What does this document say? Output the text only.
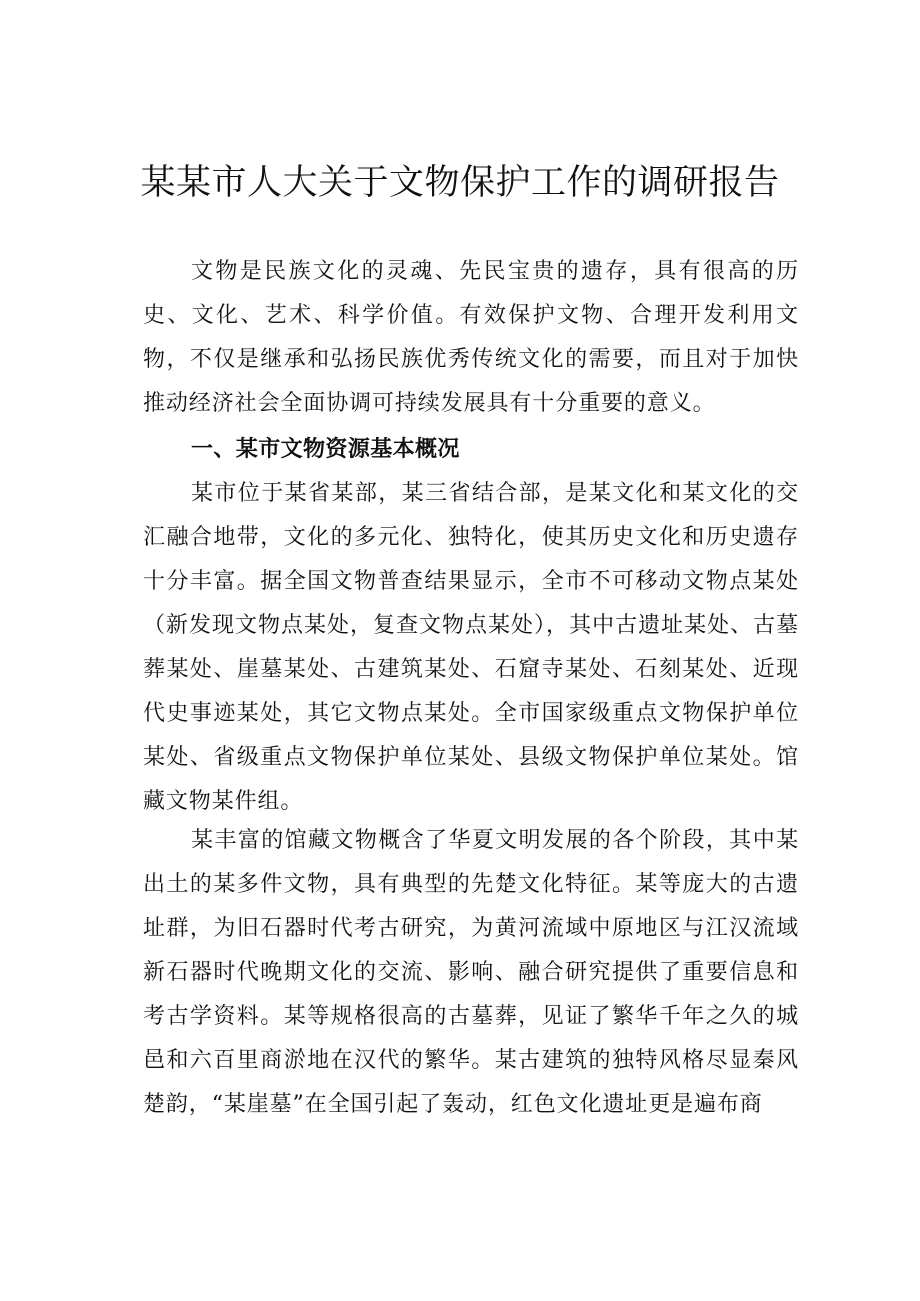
某某市人大关于文物保护工作的调研报告

文物是民族文化的灵魂、先民宝贵的遗存，具有很高的历史、文化、艺术、科学价值。有效保护文物、合理开发利用文物，不仅是继承和弘扬民族优秀传统文化的需要，而且对于加快推动经济社会全面协调可持续发展具有十分重要的意义。

一、某市文物资源基本概况

某市位于某省某部，某三省结合部，是某文化和某文化的交汇融合地带，文化的多元化、独特化，使其历史文化和历史遗存十分丰富。据全国文物普查结果显示，全市不可移动文物点某处（新发现文物点某处，复查文物点某处），其中古遗址某处、古墓葬某处、崖墓某处、古建筑某处、石窟寺某处、石刻某处、近现代史事迹某处，其它文物点某处。全市国家级重点文物保护单位某处、省级重点文物保护单位某处、县级文物保护单位某处。馆藏文物某件组。

某丰富的馆藏文物概含了华夏文明发展的各个阶段，其中某出土的某多件文物，具有典型的先楚文化特征。某等庞大的古遗址群，为旧石器时代考古研究，为黄河流域中原地区与江汉流域新石器时代晚期文化的交流、影响、融合研究提供了重要信息和考古学资料。某等规格很高的古墓葬，见证了繁华千年之久的城邑和六百里商淤地在汉代的繁华。某古建筑的独特风格尽显秦风楚韵，“某崖墓”在全国引起了轰动，红色文化遗址更是遍布商
